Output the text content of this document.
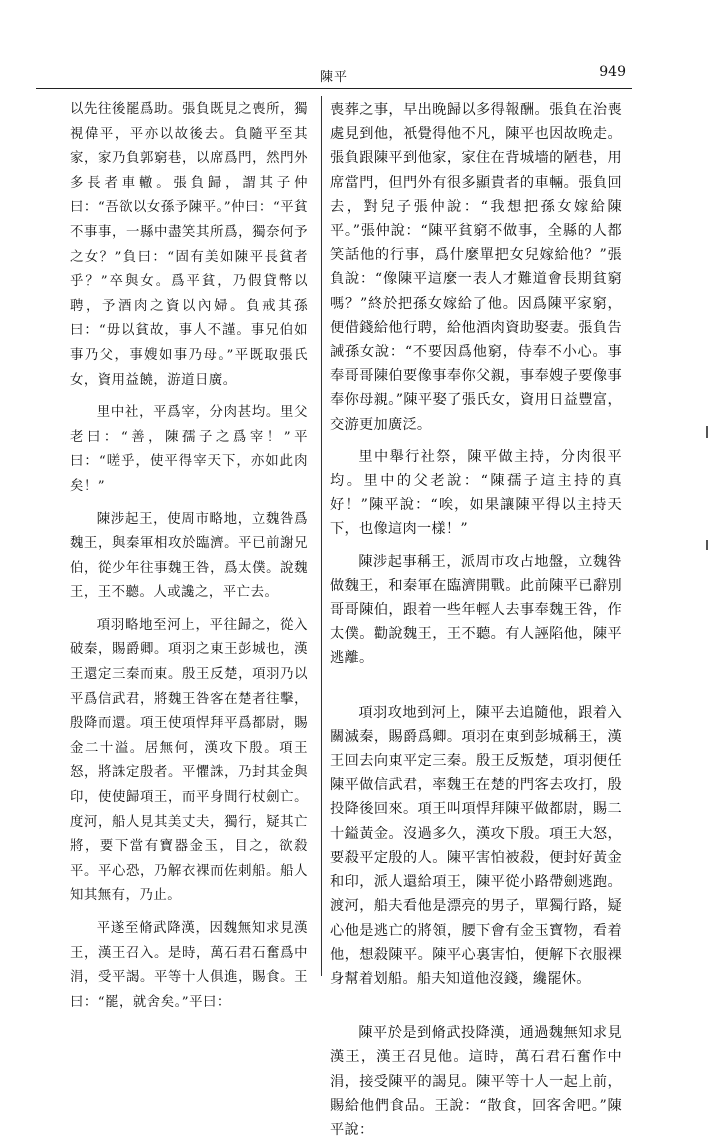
陳平	949

以先往後罷爲助。張負既見之喪所，獨視偉平，平亦以故後去。負隨平至其家，家乃負郭窮巷，以席爲門，然門外多長者車轍。張負歸，謂其子仲曰：“吾欲以女孫予陳平。”仲曰：“平貧不事事，一縣中盡笑其所爲，獨奈何予之女？”負曰：“固有美如陳平長貧者乎？”卒與女。爲平貧，乃假貸幣以聘，予酒肉之資以內婦。負戒其孫曰：“毋以貧故，事人不謹。事兄伯如事乃父，事嫂如事乃母。”平既取張氏女，資用益饒，游道日廣。

里中社，平爲宰，分肉甚均。里父老曰：“善，陳孺子之爲宰！”平曰：“嗟乎，使平得宰天下，亦如此肉矣！”

陳涉起王，使周市略地，立魏咎爲魏王，與秦軍相攻於臨濟。平已前謝兄伯，從少年往事魏王咎，爲太僕。說魏王，王不聽。人或讒之，平亡去。

項羽略地至河上，平往歸之，從入破秦，賜爵卿。項羽之東王彭城也，漢王還定三秦而東。殷王反楚，項羽乃以平爲信武君，將魏王咎客在楚者往擊，殷降而還。項王使項悍拜平爲都尉，賜金二十溢。居無何，漢攻下殷。項王怒，將誅定殷者。平懼誅，乃封其金與印，使使歸項王，而平身間行杖劍亡。度河，船人見其美丈夫，獨行，疑其亡將，要下當有寶器金玉，目之，欲殺平。平心恐，乃解衣裸而佐刺船。船人知其無有，乃止。

平遂至脩武降漢，因魏無知求見漢王，漢王召入。是時，萬石君石奮爲中涓，受平謁。平等十人俱進，賜食。王曰：“罷，就舍矣。”平曰：

喪葬之事，早出晚歸以多得報酬。張負在治喪處見到他，衹覺得他不凡，陳平也因故晚走。張負跟陳平到他家，家住在背城墻的陋巷，用席當門，但門外有很多顯貴者的車輛。張負回去，對兒子張仲說：“我想把孫女嫁給陳平。”張仲說：“陳平貧窮不做事，全縣的人都笑話他的行事，爲什麼單把女兒嫁給他？”張負說：“像陳平這麼一表人才難道會長期貧窮嗎？”終於把孫女嫁給了他。因爲陳平家窮，便借錢給他行聘，給他酒肉資助娶妻。張負告誡孫女說：“不要因爲他窮，侍奉不小心。事奉哥哥陳伯要像事奉你父親，事奉嫂子要像事奉你母親。”陳平娶了張氏女，資用日益豐富，交游更加廣泛。

里中舉行社祭，陳平做主持，分肉很平均。里中的父老說：“陳孺子這主持的真好！”陳平說：“唉，如果讓陳平得以主持天下，也像這肉一樣！”

陳涉起事稱王，派周市攻占地盤，立魏咎做魏王，和秦軍在臨濟開戰。此前陳平已辭別哥哥陳伯，跟着一些年輕人去事奉魏王咎，作太僕。勸說魏王，王不聽。有人誣陷他，陳平逃離。

項羽攻地到河上，陳平去追隨他，跟着入關滅秦，賜爵爲卿。項羽在東到彭城稱王，漢王回去向東平定三秦。殷王反叛楚，項羽便任陳平做信武君，率魏王在楚的門客去攻打，殷投降後回來。項王叫項悍拜陳平做都尉，賜二十鎰黃金。沒過多久，漢攻下殷。項王大怒，要殺平定殷的人。陳平害怕被殺，便封好黃金和印，派人還給項王，陳平從小路帶劍逃跑。渡河，船夫看他是漂亮的男子，單獨行路，疑心他是逃亡的將領，腰下會有金玉寶物，看着他，想殺陳平。陳平心裏害怕，便解下衣服裸身幫着划船。船夫知道他沒錢，纔罷休。

陳平於是到脩武投降漢，通過魏無知求見漢王，漢王召見他。這時，萬石君石奮作中涓，接受陳平的謁見。陳平等十人一起上前，賜給他們食品。王說：“散食，回客舍吧。”陳平說：
